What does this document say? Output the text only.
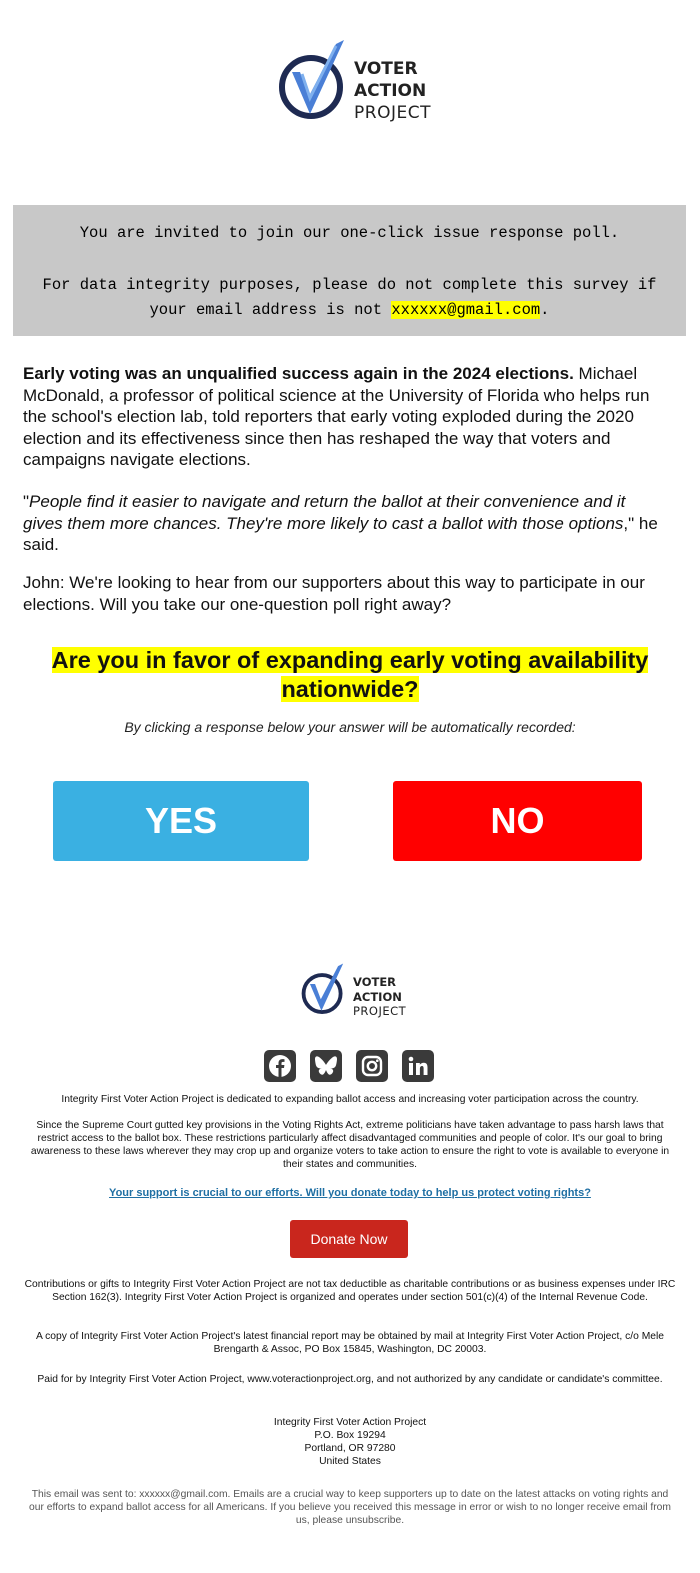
VOTER
ACTION
PROJECT
You are invited to join our one-click issue response poll.
For data integrity purposes, please do not complete this survey if your email address is not xxxxxx@gmail.com.
Early voting was an unqualified success again in the 2024 elections. Michael McDonald, a professor of political science at the University of Florida who helps run the school's election lab, told reporters that early voting exploded during the 2020 election and its effectiveness since then has reshaped the way that voters and campaigns navigate elections.
"People find it easier to navigate and return the ballot at their convenience and it gives them more chances. They're more likely to cast a ballot with those options," he said.
John: We're looking to hear from our supporters about this way to participate in our elections. Will you take our one-question poll right away?
Are you in favor of expanding early voting availability nationwide?
By clicking a response below your answer will be automatically recorded:
YES	NO
VOTER
ACTION
PROJECT
Integrity First Voter Action Project is dedicated to expanding ballot access and increasing voter participation across the country.
Since the Supreme Court gutted key provisions in the Voting Rights Act, extreme politicians have taken advantage to pass harsh laws that restrict access to the ballot box. These restrictions particularly affect disadvantaged communities and people of color. It's our goal to bring awareness to these laws wherever they may crop up and organize voters to take action to ensure the right to vote is available to everyone in their states and communities.
Your support is crucial to our efforts. Will you donate today to help us protect voting rights?
Donate Now
Contributions or gifts to Integrity First Voter Action Project are not tax deductible as charitable contributions or as business expenses under IRC Section 162(3). Integrity First Voter Action Project is organized and operates under section 501(c)(4) of the Internal Revenue Code.
A copy of Integrity First Voter Action Project's latest financial report may be obtained by mail at Integrity First Voter Action Project, c/o Mele Brengarth & Assoc, PO Box 15845, Washington, DC 20003.
Paid for by Integrity First Voter Action Project, www.voteractionproject.org, and not authorized by any candidate or candidate's committee.
Integrity First Voter Action Project
P.O. Box 19294
Portland, OR 97280
United States
This email was sent to: xxxxxx@gmail.com. Emails are a crucial way to keep supporters up to date on the latest attacks on voting rights and our efforts to expand ballot access for all Americans. If you believe you received this message in error or wish to no longer receive email from us, please unsubscribe.
